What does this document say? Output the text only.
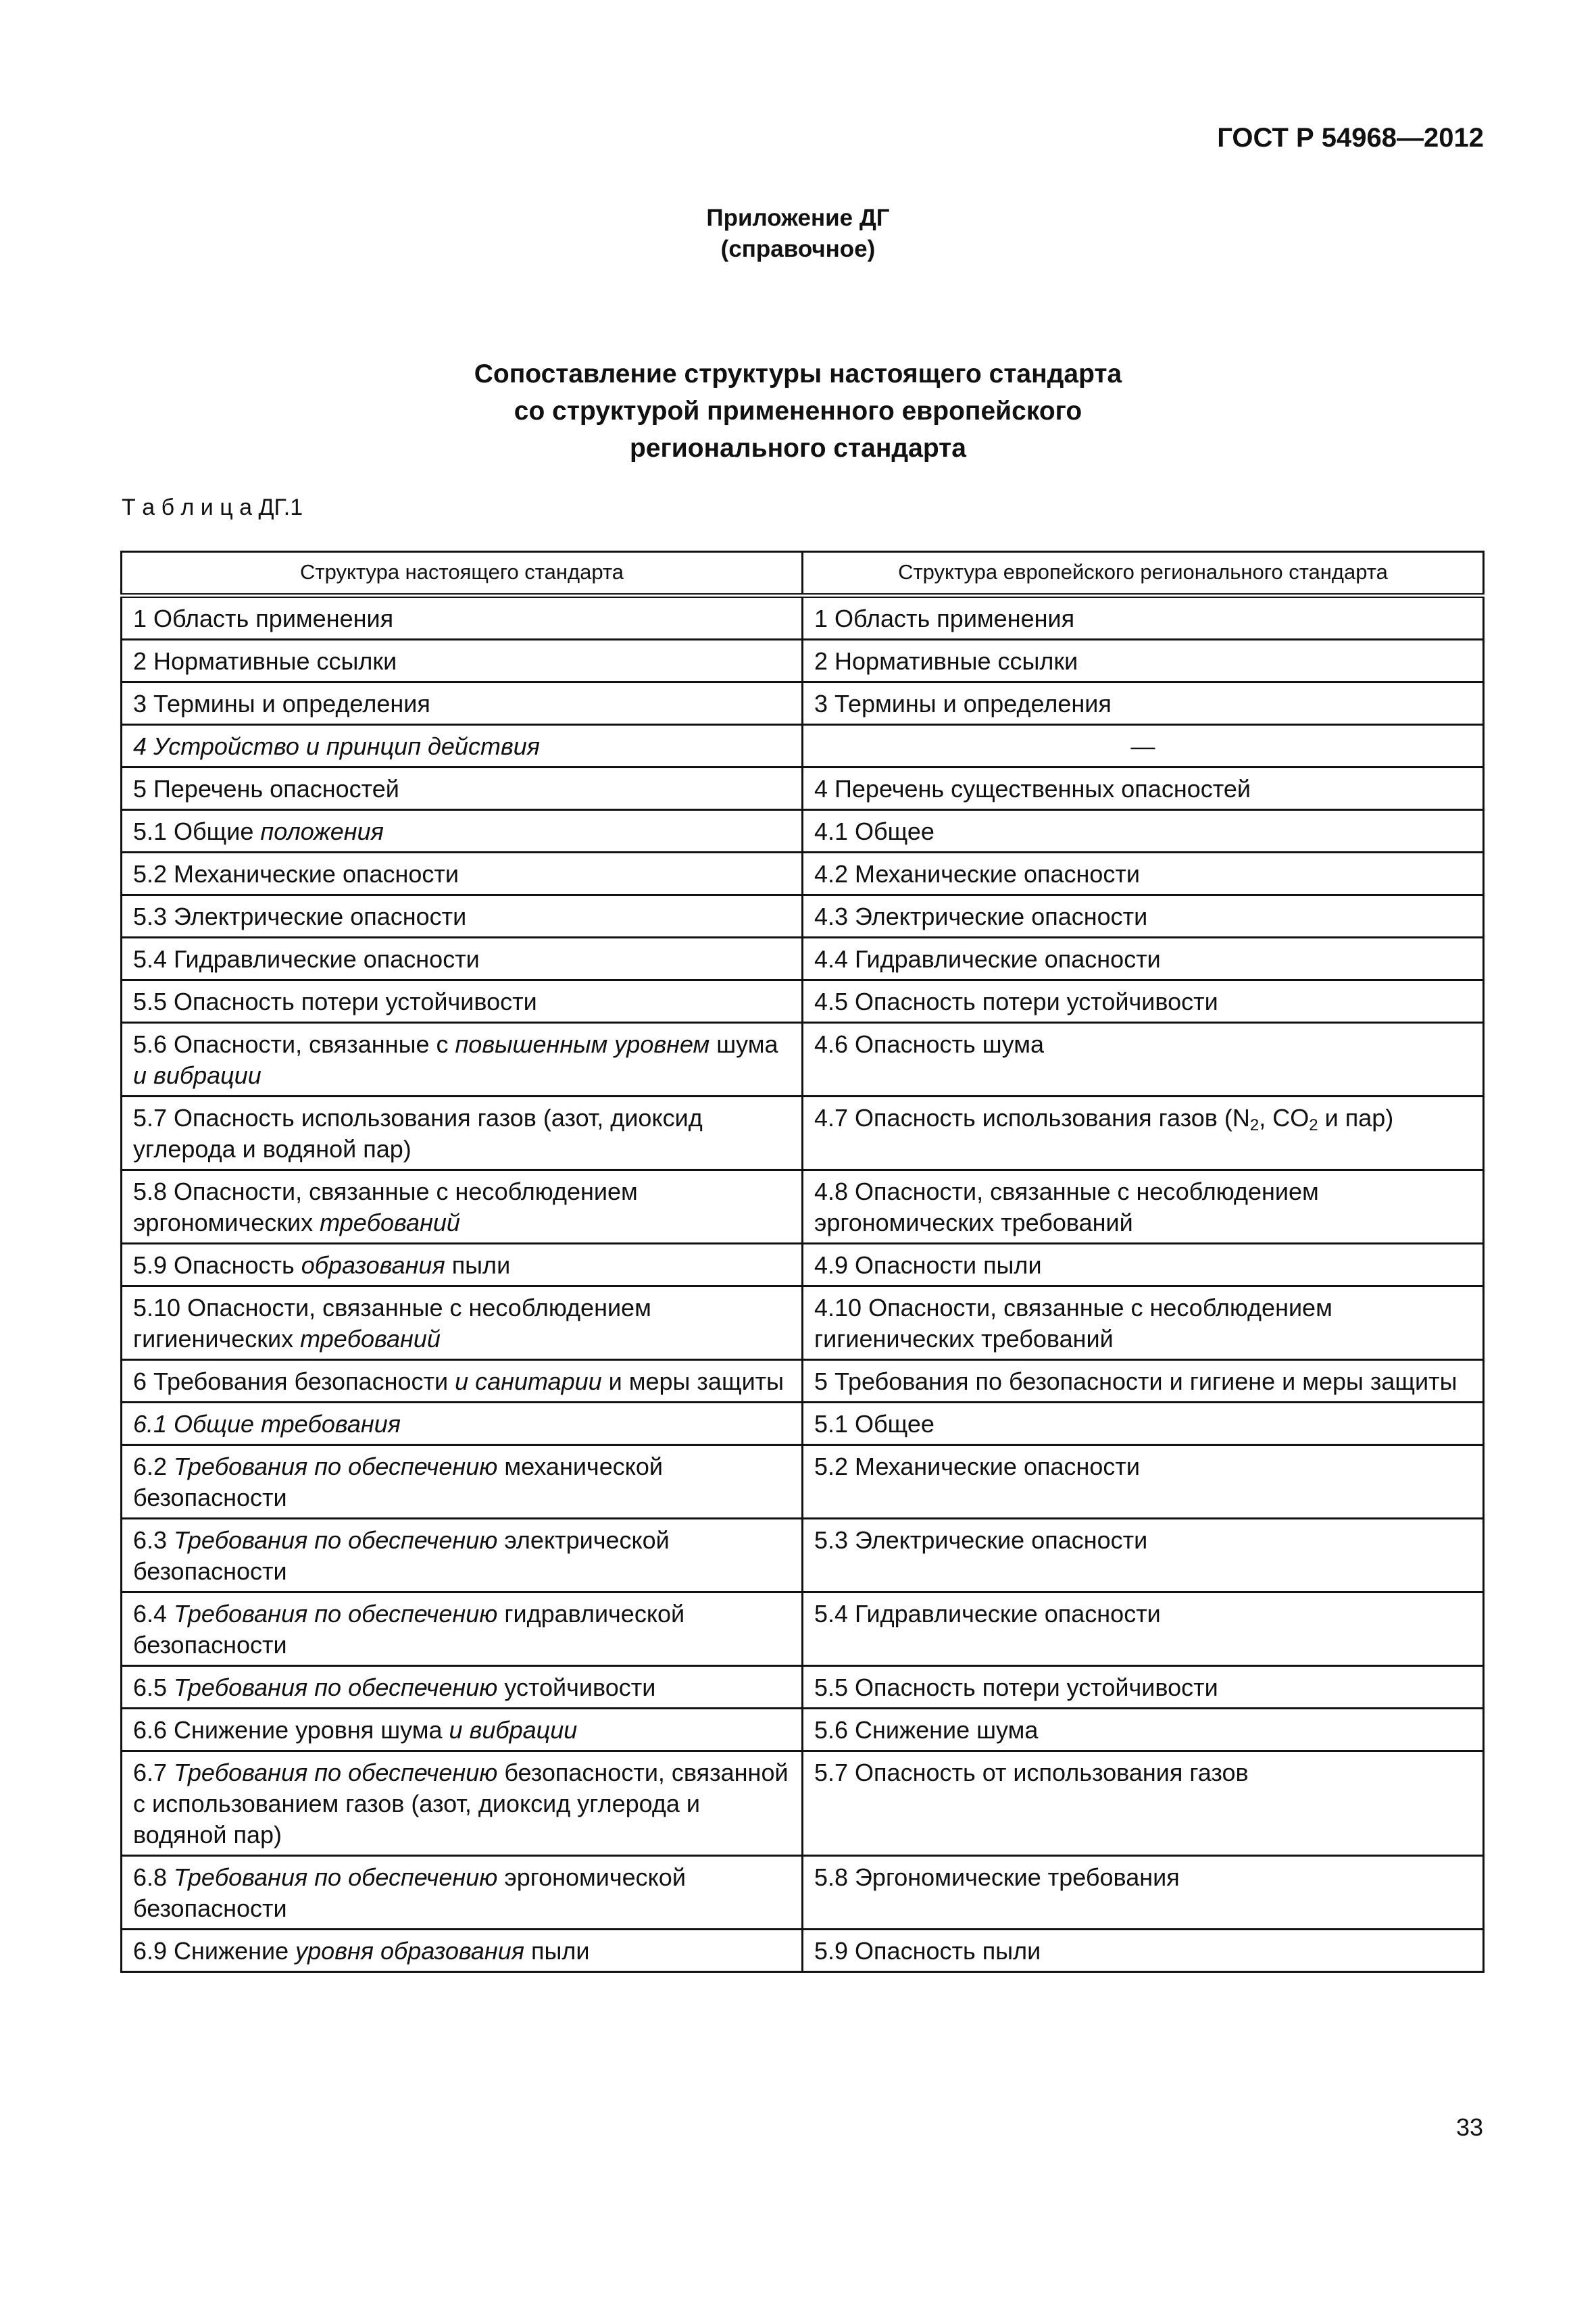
ГОСТ Р 54968—2012
Приложение ДГ
(справочное)
Сопоставление структуры настоящего стандарта
со структурой примененного европейского
регионального стандарта
Т а б л и ц а ДГ.1
Структура настоящего стандарта	Структура европейского регионального стандарта
1 Область применения	1 Область применения
2 Нормативные ссылки	2 Нормативные ссылки
3 Термины и определения	3 Термины и определения
4 Устройство и принцип действия	—
5 Перечень опасностей	4 Перечень существенных опасностей
5.1 Общие положения	4.1 Общее
5.2 Механические опасности	4.2 Механические опасности
5.3 Электрические опасности	4.3 Электрические опасности
5.4 Гидравлические опасности	4.4 Гидравлические опасности
5.5 Опасность потери устойчивости	4.5 Опасность потери устойчивости
5.6 Опасности, связанные с повышенным уровнем шума и вибрации	4.6 Опасность шума
5.7 Опасность использования газов (азот, диоксид углерода и водяной пар)	4.7 Опасность использования газов ($N_2$, $CO_2$ и пар)
5.8 Опасности, связанные с несоблюдением эргономических требований	4.8 Опасности, связанные с несоблюдением эргономических требований
5.9 Опасность образования пыли	4.9 Опасности пыли
5.10 Опасности, связанные с несоблюдением гигиенических требований	4.10 Опасности, связанные с несоблюдением гигиенических требований
6 Требования безопасности и санитарии и меры защиты	5 Требования по безопасности и гигиене и меры защиты
6.1 Общие требования	5.1 Общее
6.2 Требования по обеспечению механической безопасности	5.2 Механические опасности
6.3 Требования по обеспечению электрической безопасности	5.3 Электрические опасности
6.4 Требования по обеспечению гидравлической безопасности	5.4 Гидравлические опасности
6.5 Требования по обеспечению устойчивости	5.5 Опасность потери устойчивости
6.6 Снижение уровня шума и вибрации	5.6 Снижение шума
6.7 Требования по обеспечению безопасности, связанной с использованием газов (азот, диоксид углерода и водяной пар)	5.7 Опасность от использования газов
6.8 Требования по обеспечению эргономической безопасности	5.8 Эргономические требования
6.9 Снижение уровня образования пыли	5.9 Опасность пыли
33
